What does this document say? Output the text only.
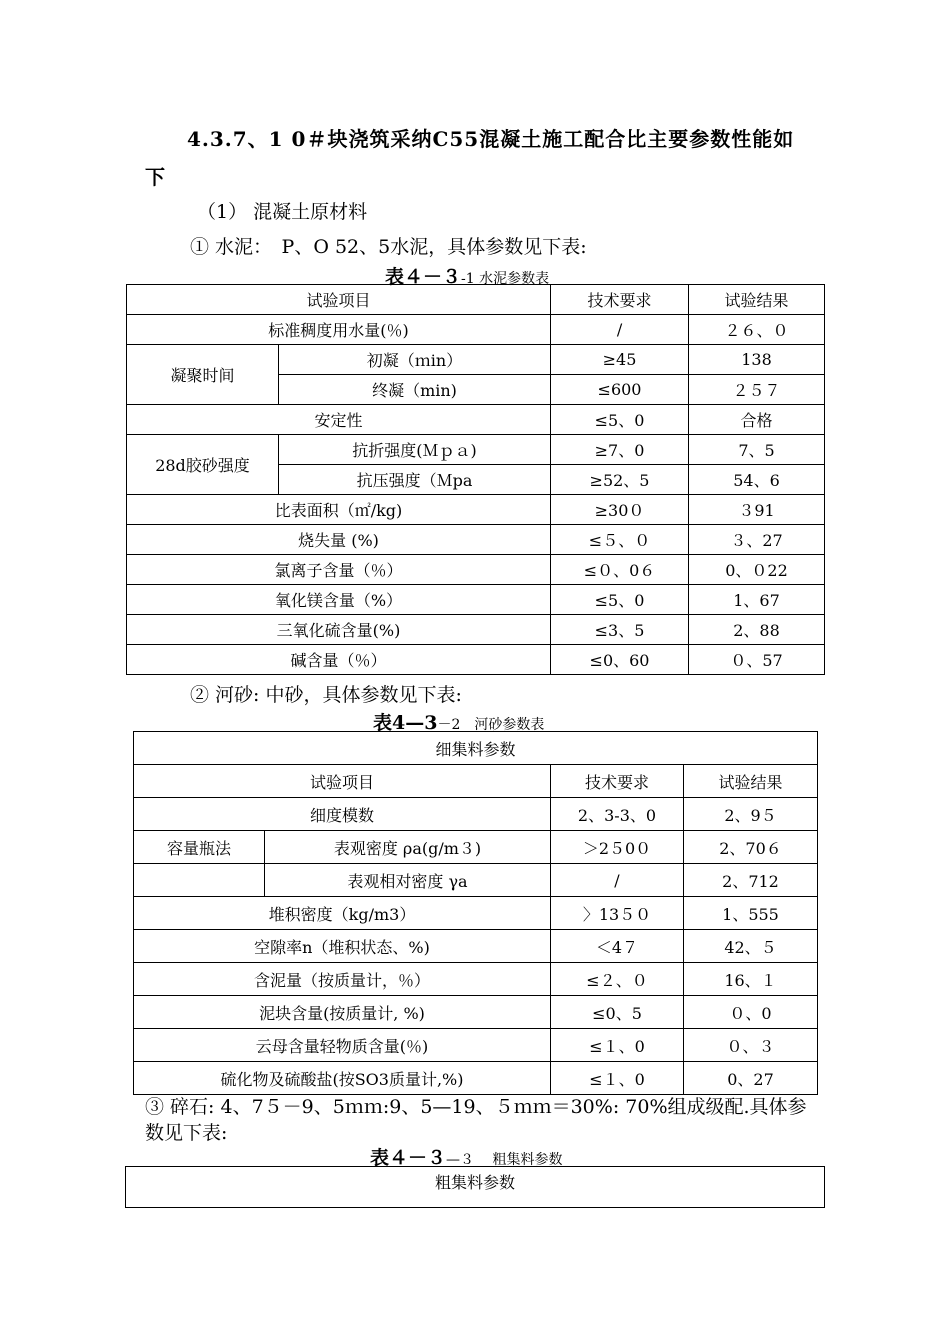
4.3.7、1 0＃块浇筑采纳C55混凝土施工配合比主要参数性能如下
（1） 混凝土原材料
① 水泥：　P、O 52、5水泥，具体参数见下表:
表４－３-1 水泥参数表
试验项目		技术要求	试验结果
标准稠度用水量(％)		/	２６、０
凝聚时间	初凝（ｍin）	≥45	138
	终凝（min)	≤600	２５７
安定性		≤5、0	合格
28d胶砂强度	抗折强度(Ｍｐａ)	≥7、0	7、5
	抗压强度（Ｍpa	≥52、5	54、6
比表面积（㎡/kg)		≥30０	３91
烧失量 (%)		≤５、０	３、27
氯离子含量（％）		≤０、0６	0、０22
氧化镁含量（%）		≤5、0	1、67
三氧化硫含量(%)		≤3、5	2、88
碱含量（％）		≤0、60	０、57
② 河砂: 中砂，具体参数见下表:
表4—3－2　河砂参数表
细集料参数			
试验项目		技术要求	试验结果
细度模数		2、3-3、0	2、9５
容量瓶法	表观密度 ρa(g/m３)	＞2５0０	2、70６
	表观相对密度 γa	/	2、712
堆积密度（kg/m3）		〉13５０	1、555
空隙率n（堆积状态、%)		＜4７	42、５
含泥量（按质量计，％）		≤２、０	16、１
泥块含量(按质量计, %)		≤0、5	０、0
云母含量轻物质含量(％)		≤１、0	０、３
硫化物及硫酸盐(按SO3质量计,%)		≤１、0	0、27
③ 碎石: 4、7５－9、5ｍｍ:9、5—19、５ｍｍ＝30%: 70%组成级配.具体参数见下表:
表４－３—３　 粗集料参数
粗集料参数
